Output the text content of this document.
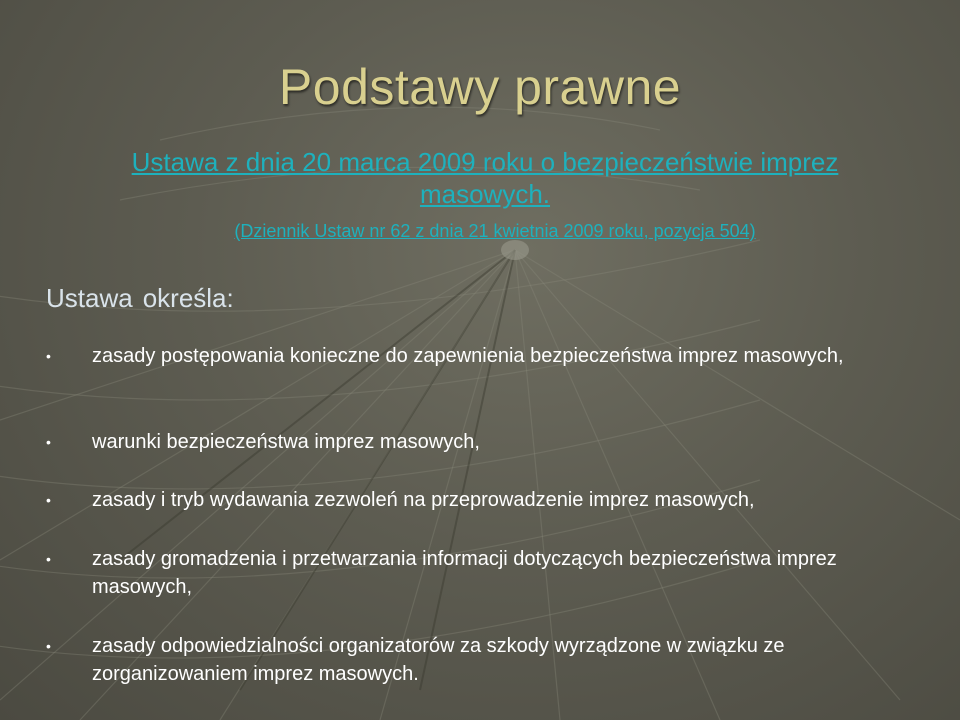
Podstawy prawne
Ustawa z dnia 20 marca 2009 roku o bezpieczeństwie imprez masowych.
(Dziennik Ustaw nr 62 z dnia 21 kwietnia 2009 roku, pozycja 504)
Ustawa określa:

• zasady postępowania konieczne do zapewnienia bezpieczeństwa imprez masowych,

• warunki bezpieczeństwa imprez masowych,

• zasady i tryb wydawania zezwoleń na przeprowadzenie imprez masowych,

• zasady gromadzenia i przetwarzania informacji dotyczących bezpieczeństwa imprez masowych,

• zasady odpowiedzialności organizatorów za szkody wyrządzone w związku ze zorganizowaniem imprez masowych.
